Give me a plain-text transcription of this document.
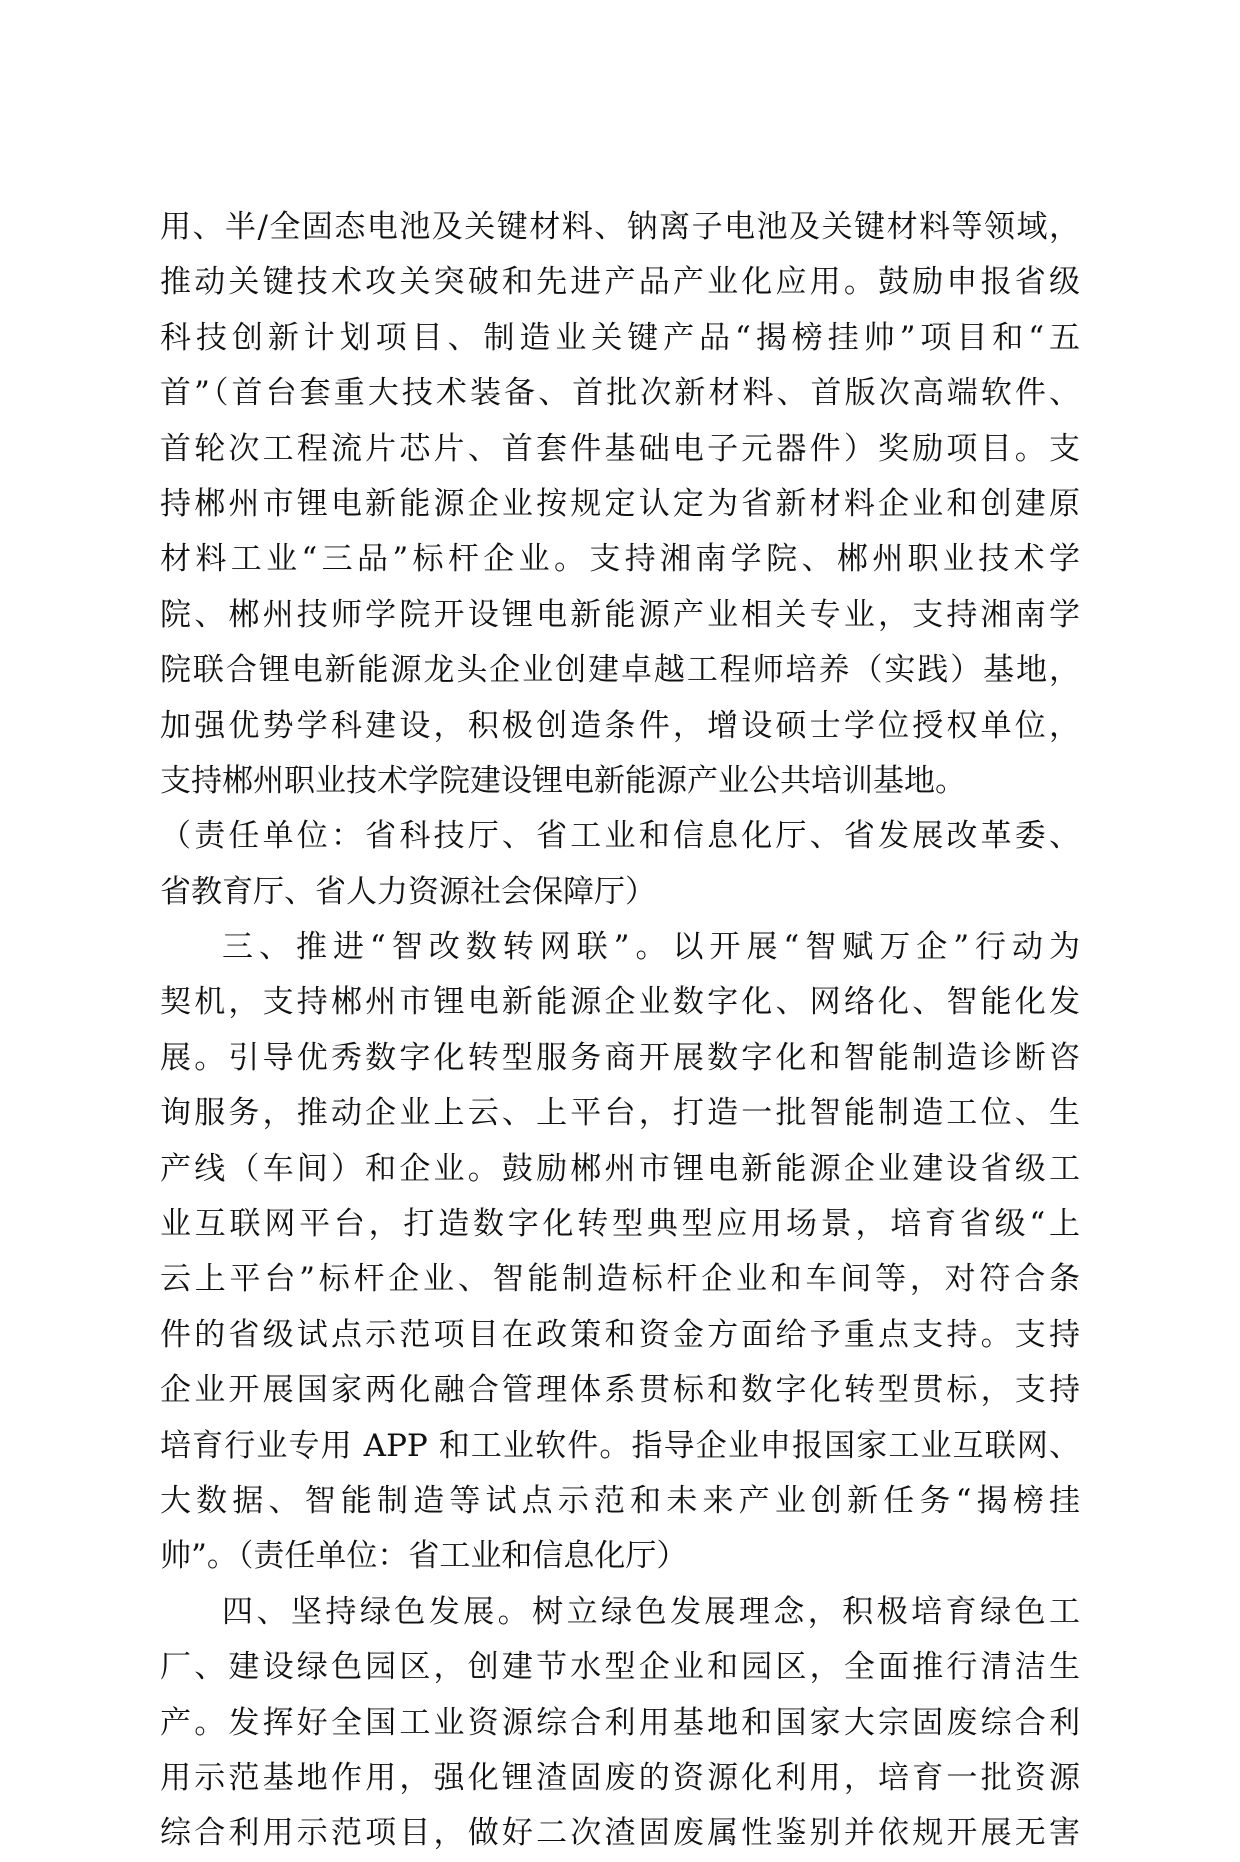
用、半/全固态电池及关键材料、钠离子电池及关键材料等领域，
推动关键技术攻关突破和先进产品产业化应用。鼓励申报省级
科技创新计划项目、制造业关键产品“揭榜挂帅”项目和“五
首”（首台套重大技术装备、首批次新材料、首版次高端软件、
首轮次工程流片芯片、首套件基础电子元器件）奖励项目。支
持郴州市锂电新能源企业按规定认定为省新材料企业和创建原
材料工业“三品”标杆企业。支持湘南学院、郴州职业技术学
院、郴州技师学院开设锂电新能源产业相关专业，支持湘南学
院联合锂电新能源龙头企业创建卓越工程师培养（实践）基地，
加强优势学科建设，积极创造条件，增设硕士学位授权单位，
支持郴州职业技术学院建设锂电新能源产业公共培训基地。
（责任单位：省科技厅、省工业和信息化厅、省发展改革委、
省教育厅、省人力资源社会保障厅）
三、推进“智改数转网联”。以开展“智赋万企”行动为
契机，支持郴州市锂电新能源企业数字化、网络化、智能化发
展。引导优秀数字化转型服务商开展数字化和智能制造诊断咨
询服务，推动企业上云、上平台，打造一批智能制造工位、生
产线（车间）和企业。鼓励郴州市锂电新能源企业建设省级工
业互联网平台，打造数字化转型典型应用场景，培育省级“上
云上平台”标杆企业、智能制造标杆企业和车间等，对符合条
件的省级试点示范项目在政策和资金方面给予重点支持。支持
企业开展国家两化融合管理体系贯标和数字化转型贯标，支持
培育行业专用 APP 和工业软件。指导企业申报国家工业互联网、
大数据、智能制造等试点示范和未来产业创新任务“揭榜挂
帅”。（责任单位：省工业和信息化厅）
四、坚持绿色发展。树立绿色发展理念，积极培育绿色工
厂、建设绿色园区，创建节水型企业和园区，全面推行清洁生
产。发挥好全国工业资源综合利用基地和国家大宗固废综合利
用示范基地作用，强化锂渣固废的资源化利用，培育一批资源
综合利用示范项目，做好二次渣固废属性鉴别并依规开展无害
